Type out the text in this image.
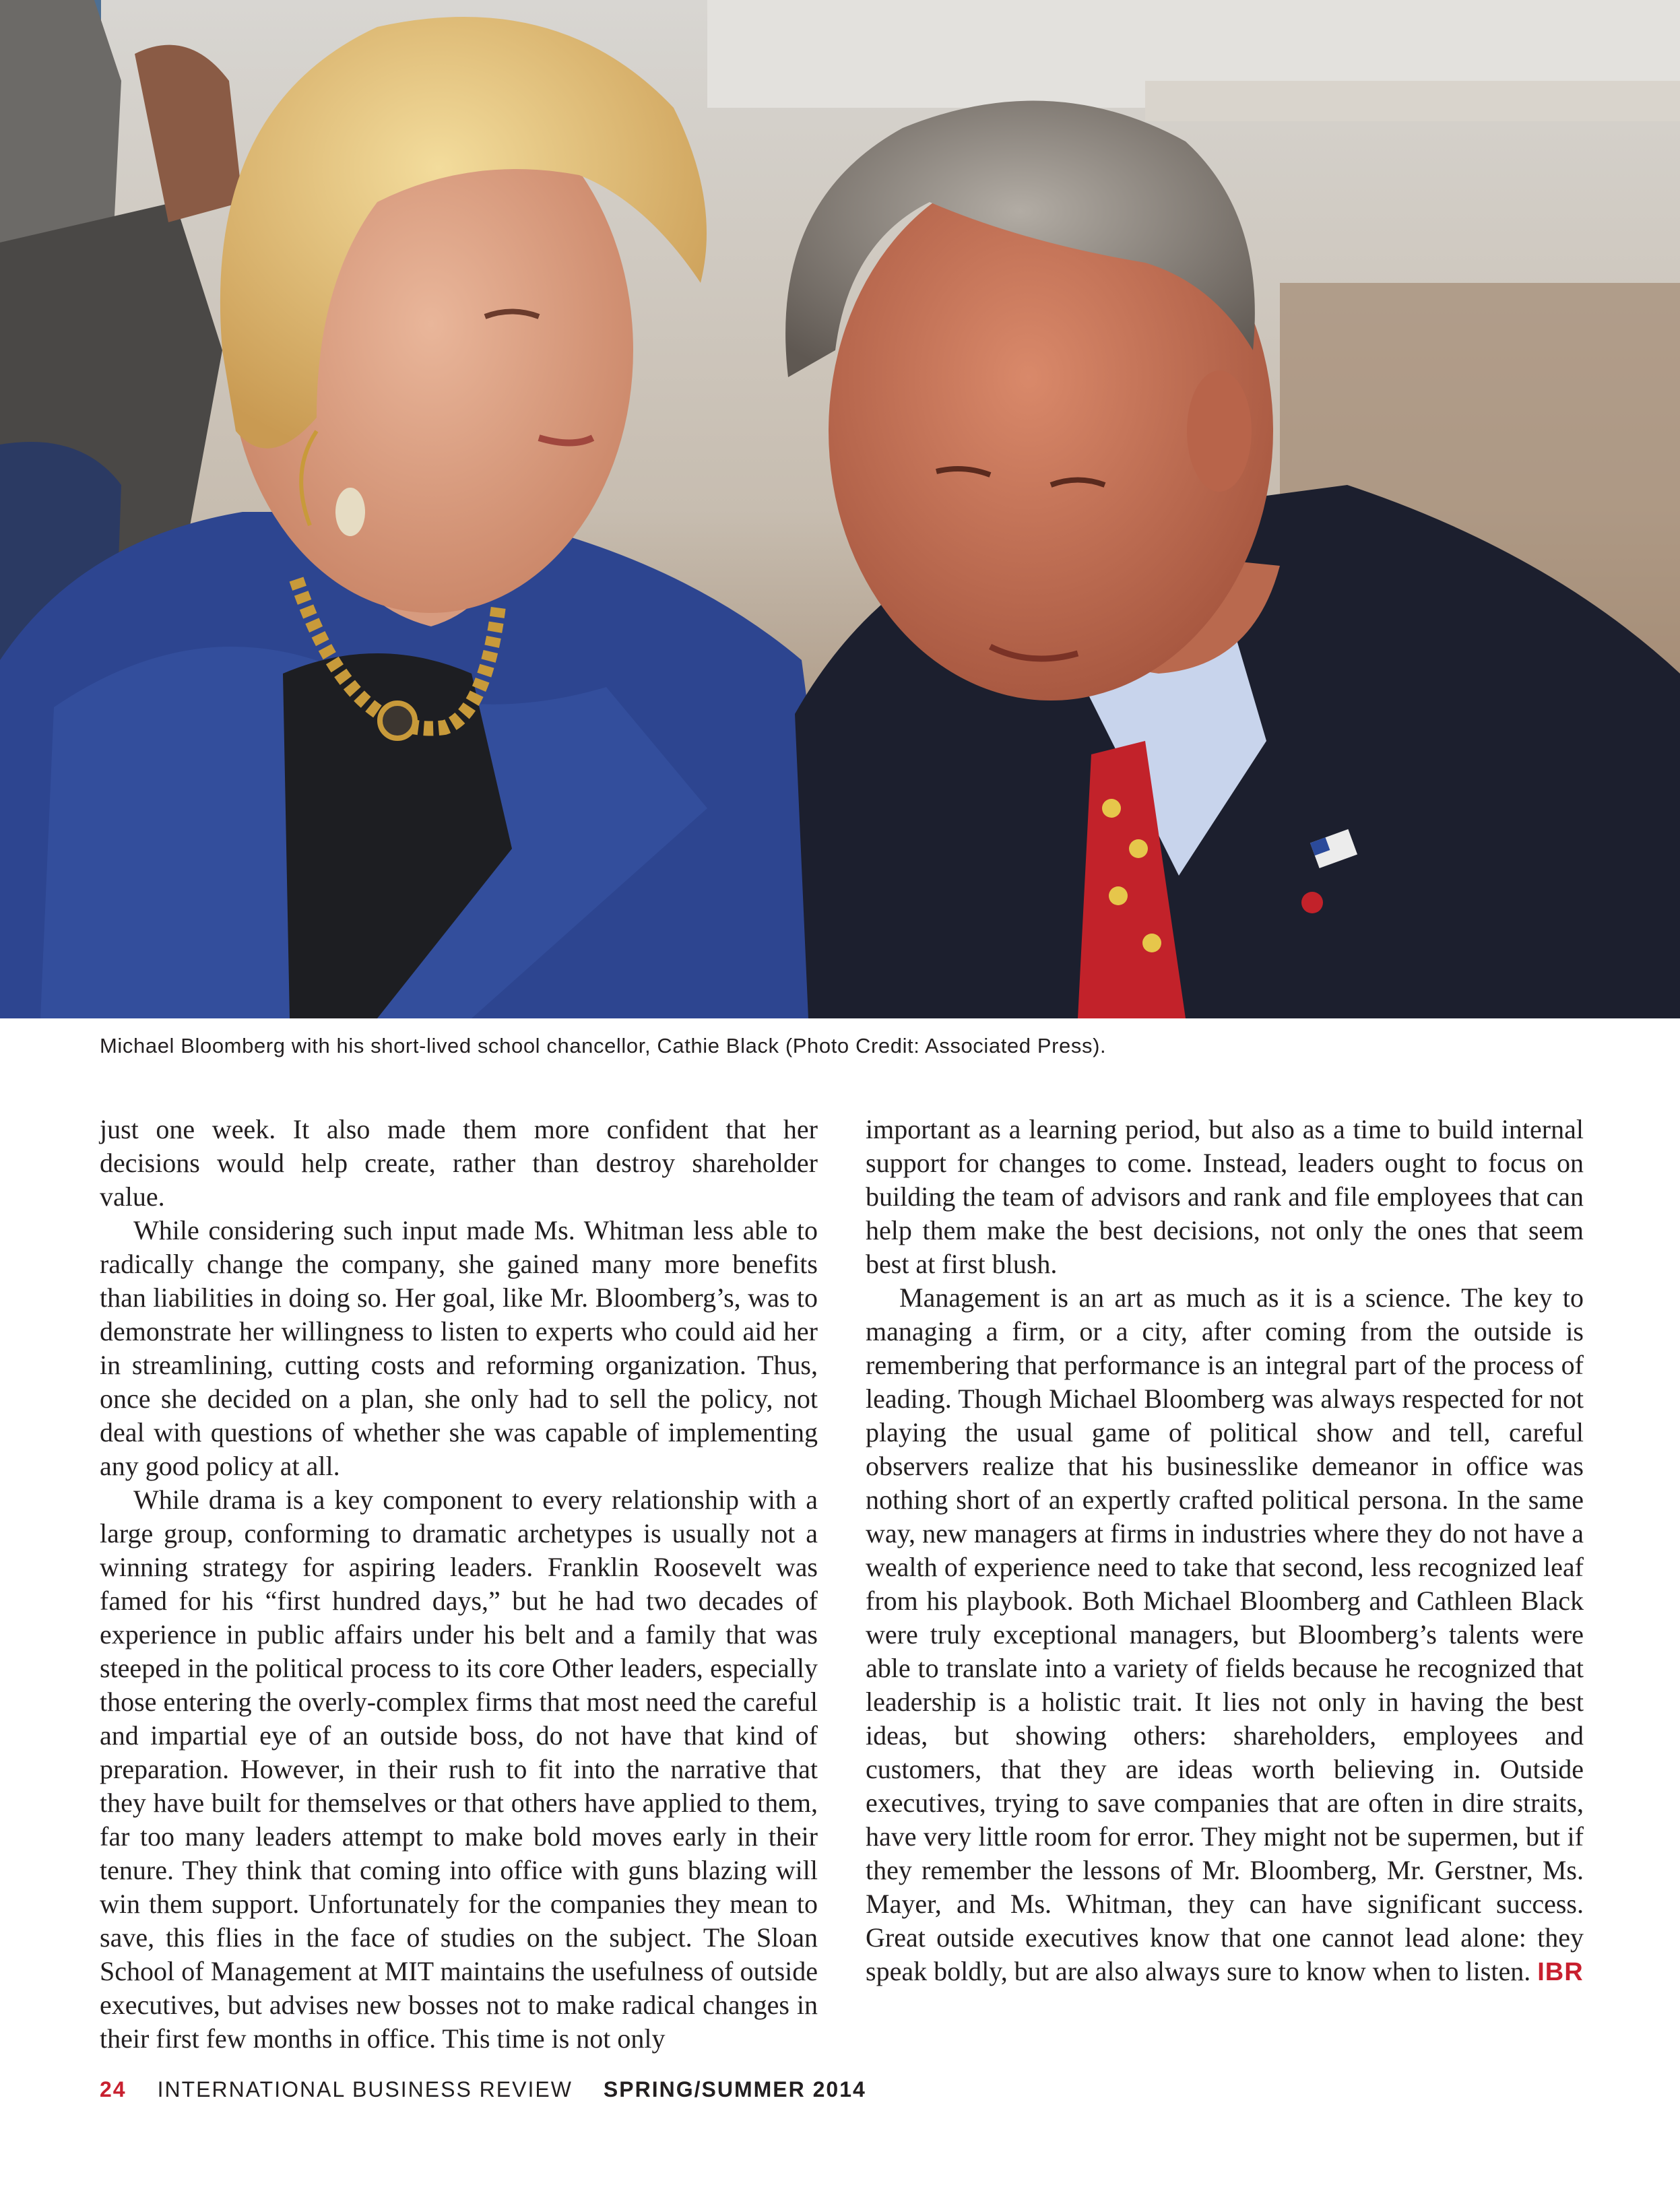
Michael Bloomberg with his short-lived school chancellor, Cathie Black (Photo Credit: Associated Press).

just one week. It also made them more confident that her decisions would help create, rather than destroy shareholder value.

While considering such input made Ms. Whitman less able to radically change the company, she gained many more benefits than liabilities in doing so. Her goal, like Mr. Bloomberg’s, was to demonstrate her willingness to listen to experts who could aid her in streamlining, cutting costs and reforming organization. Thus, once she decided on a plan, she only had to sell the policy, not deal with questions of whether she was capable of implementing any good policy at all.

While drama is a key component to every relationship with a large group, conforming to dramatic archetypes is usually not a winning strategy for aspiring leaders. Franklin Roosevelt was famed for his “first hundred days,” but he had two decades of experience in public affairs under his belt and a family that was steeped in the political process to its core Other leaders, especially those entering the overly-complex firms that most need the careful and impartial eye of an outside boss, do not have that kind of preparation. However, in their rush to fit into the narrative that they have built for themselves or that others have applied to them, far too many leaders attempt to make bold moves early in their tenure. They think that coming into office with guns blazing will win them support. Unfortunately for the companies they mean to save, this flies in the face of studies on the subject. The Sloan School of Management at MIT maintains the usefulness of outside executives, but advises new bosses not to make radical changes in their first few months in office. This time is not only

important as a learning period, but also as a time to build internal support for changes to come. Instead, leaders ought to focus on building the team of advisors and rank and file employees that can help them make the best decisions, not only the ones that seem best at first blush.

Management is an art as much as it is a science. The key to managing a firm, or a city, after coming from the outside is remembering that performance is an integral part of the process of leading. Though Michael Bloomberg was always respected for not playing the usual game of political show and tell, careful observers realize that his businesslike demeanor in office was nothing short of an expertly crafted political persona. In the same way, new managers at firms in industries where they do not have a wealth of experience need to take that second, less recognized leaf from his playbook. Both Michael Bloomberg and Cathleen Black were truly exceptional managers, but Bloomberg’s talents were able to translate into a variety of fields because he recognized that leadership is a holistic trait. It lies not only in having the best ideas, but showing others: shareholders, employees and customers, that they are ideas worth believing in. Outside executives, trying to save companies that are often in dire straits, have very little room for error. They might not be supermen, but if they remember the lessons of Mr. Bloomberg, Mr. Gerstner, Ms. Mayer, and Ms. Whitman, they can have significant success. Great outside executives know that one cannot lead alone: they speak boldly, but are also always sure to know when to listen. IBR

24 INTERNATIONAL BUSINESS REVIEW SPRING/SUMMER 2014
